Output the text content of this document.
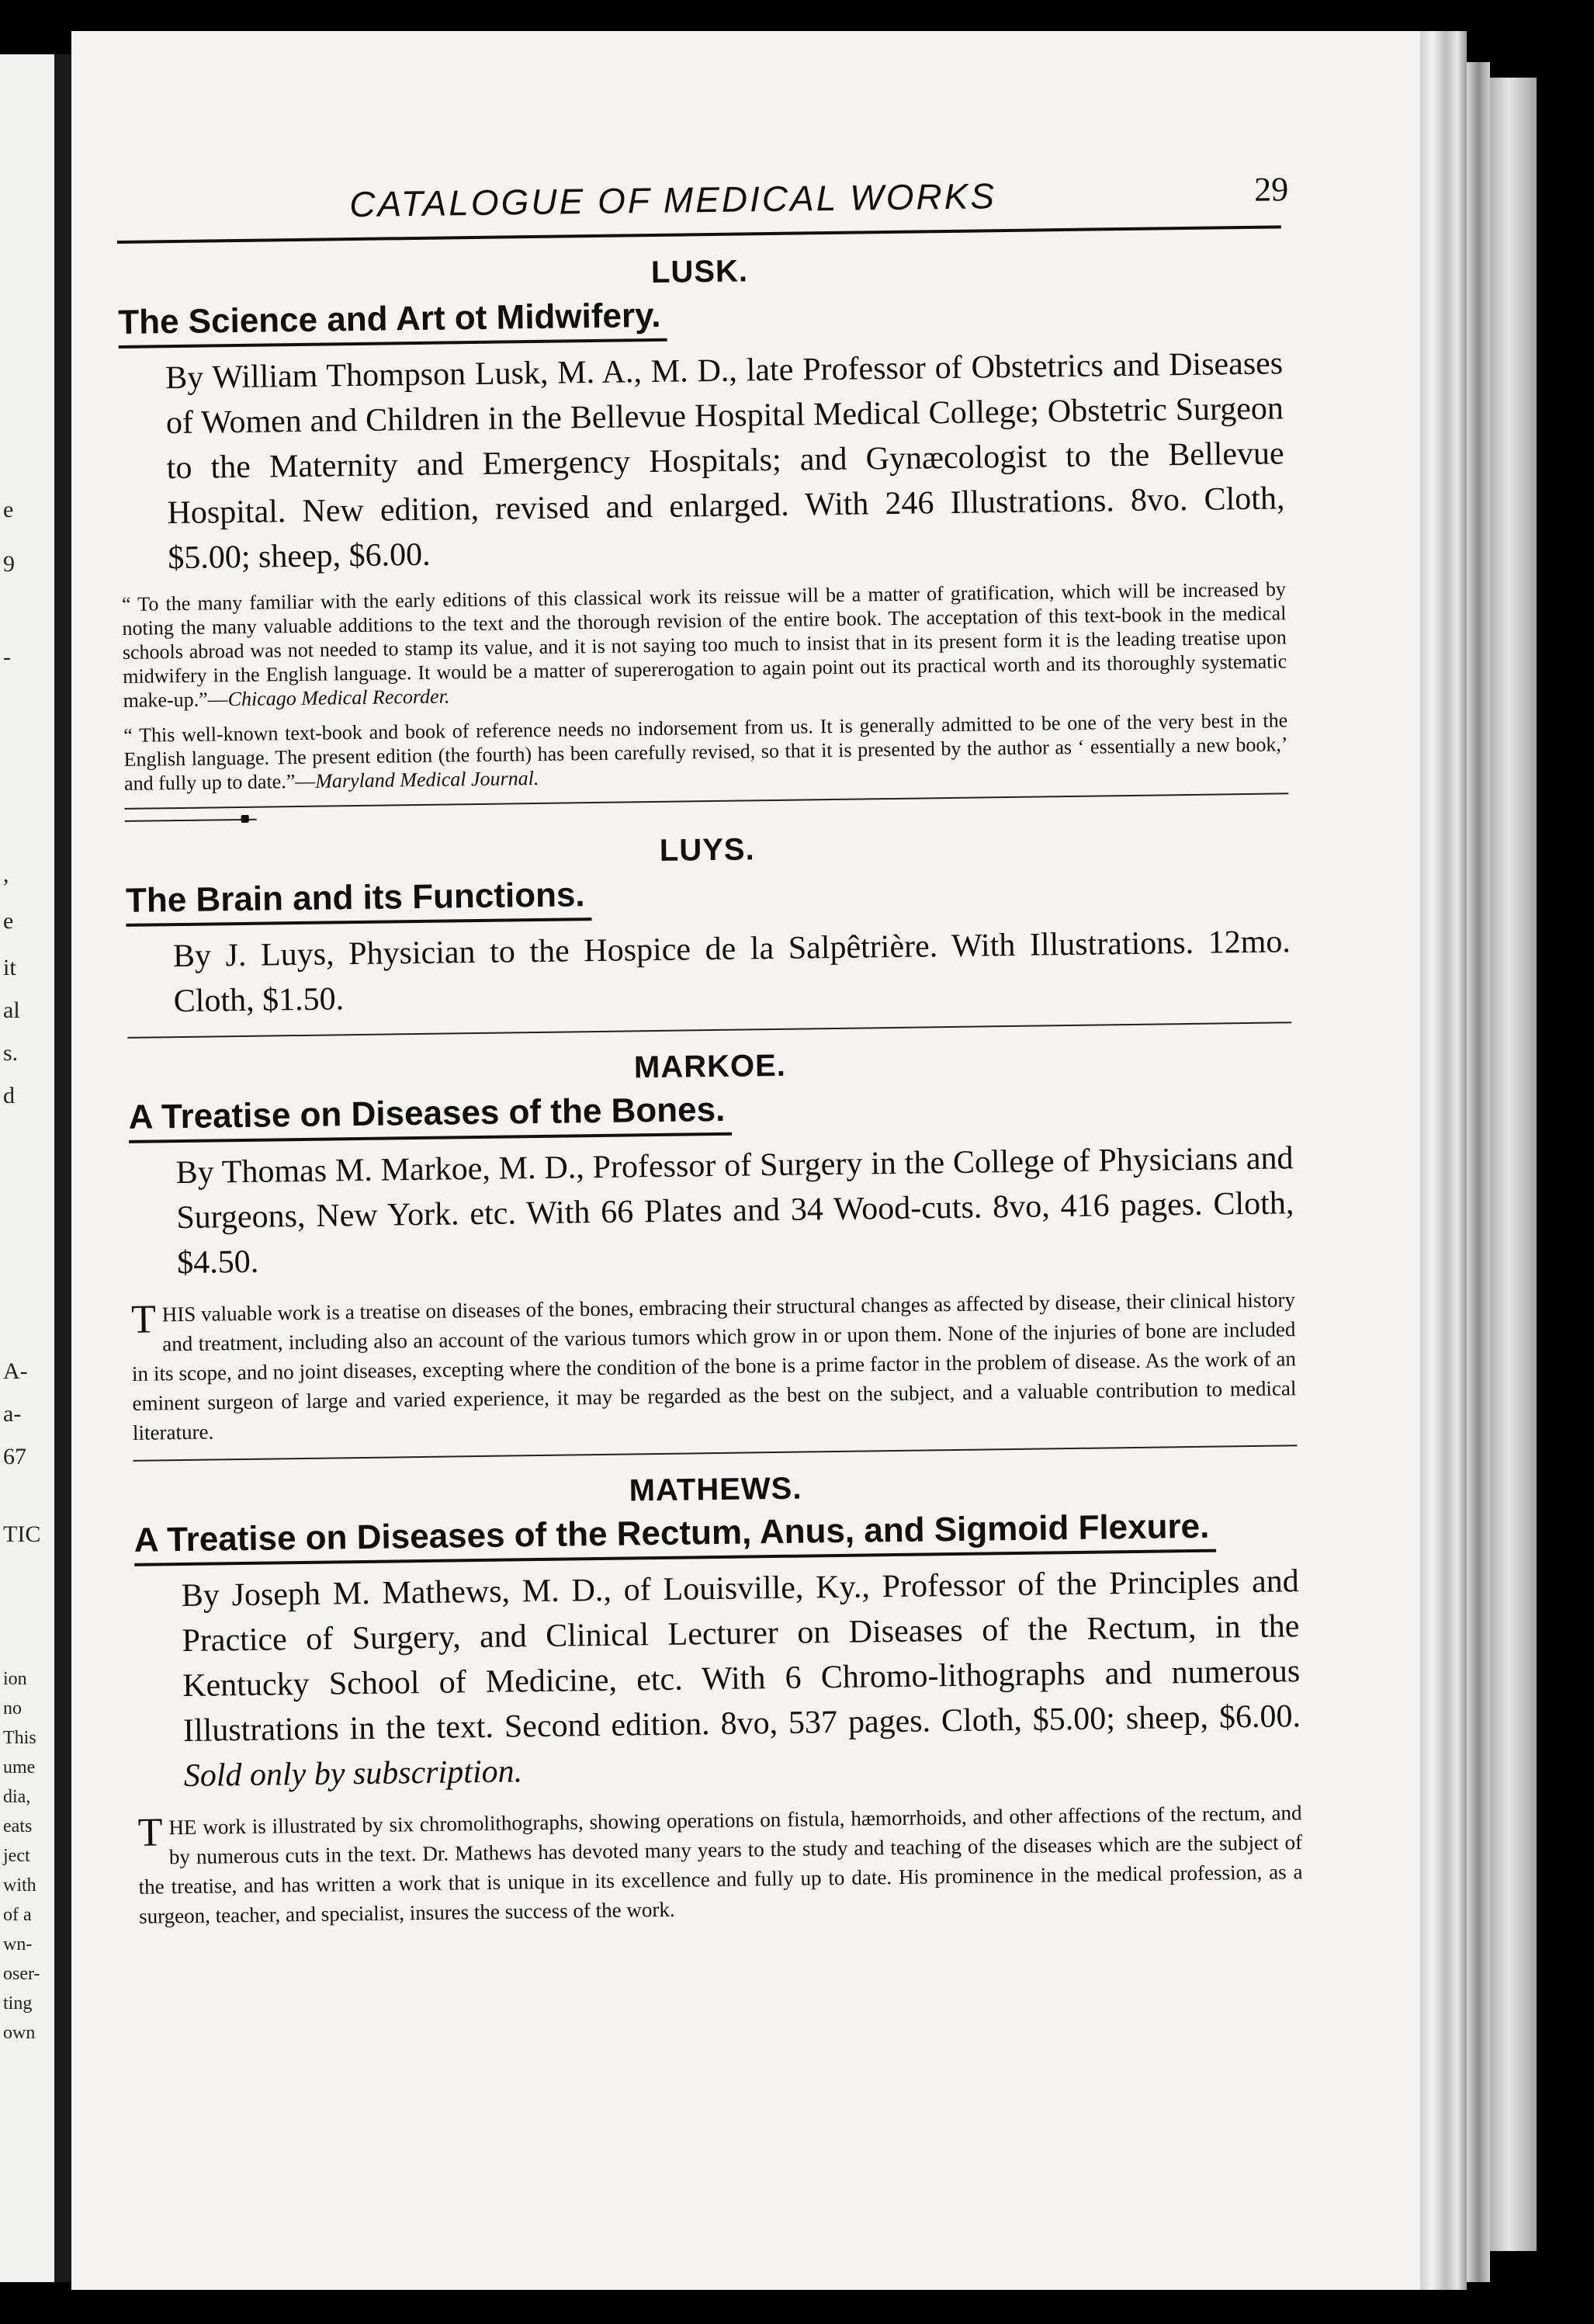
e
9
-
,
e
it
al
s.
d
A-
a-
67
TIC
ion
no
This
ume
dia,
eats
ject
with
of a
wn-
oser-
ting
own
CATALOGUE OF MEDICAL WORKS	29
LUSK.
The Science and Art ot Midwifery.
By William Thompson Lusk, M. A., M. D., late Professor of Obstetrics and Diseases of Women and Children in the Bellevue Hospital Medical College; Obstetric Surgeon to the Maternity and Emergency Hospitals; and Gynæcologist to the Bellevue Hospital. New edition, revised and enlarged. With 246 Illustrations. 8vo. Cloth, $5.00; sheep, $6.00.
“ To the many familiar with the early editions of this classical work its reissue will be a matter of gratification, which will be increased by noting the many valuable additions to the text and the thorough revision of the entire book. The acceptation of this text-book in the medical schools abroad was not needed to stamp its value, and it is not saying too much to insist that in its present form it is the leading treatise upon midwifery in the English language. It would be a matter of supererogation to again point out its practical worth and its thoroughly systematic make-up.”—Chicago Medical Recorder.
“ This well-known text-book and book of reference needs no indorsement from us. It is generally admitted to be one of the very best in the English language. The present edition (the fourth) has been carefully revised, so that it is presented by the author as ‘ essentially a new book,’ and fully up to date.”—Maryland Medical Journal.
LUYS.
The Brain and its Functions.
By J. Luys, Physician to the Hospice de la Salpêtrière. With Illustrations. 12mo. Cloth, $1.50.
MARKOE.
A Treatise on Diseases of the Bones.
By Thomas M. Markoe, M. D., Professor of Surgery in the College of Physicians and Surgeons, New York. etc. With 66 Plates and 34 Wood-cuts. 8vo, 416 pages. Cloth, $4.50.
THIS valuable work is a treatise on diseases of the bones, embracing their structural changes as affected by disease, their clinical history and treatment, including also an account of the various tumors which grow in or upon them. None of the injuries of bone are included in its scope, and no joint diseases, excepting where the condition of the bone is a prime factor in the problem of disease. As the work of an eminent surgeon of large and varied experience, it may be regarded as the best on the subject, and a valuable contribution to medical literature.
MATHEWS.
A Treatise on Diseases of the Rectum, Anus, and Sigmoid Flexure.
By Joseph M. Mathews, M. D., of Louisville, Ky., Professor of the Principles and Practice of Surgery, and Clinical Lecturer on Diseases of the Rectum, in the Kentucky School of Medicine, etc. With 6 Chromo-lithographs and numerous Illustrations in the text. Second edition. 8vo, 537 pages. Cloth, $5.00; sheep, $6.00. Sold only by subscription.
THE work is illustrated by six chromolithographs, showing operations on fistula, hæmorrhoids, and other affections of the rectum, and by numerous cuts in the text. Dr. Mathews has devoted many years to the study and teaching of the diseases which are the subject of the treatise, and has written a work that is unique in its excellence and fully up to date. His prominence in the medical profession, as a surgeon, teacher, and specialist, insures the success of the work.
